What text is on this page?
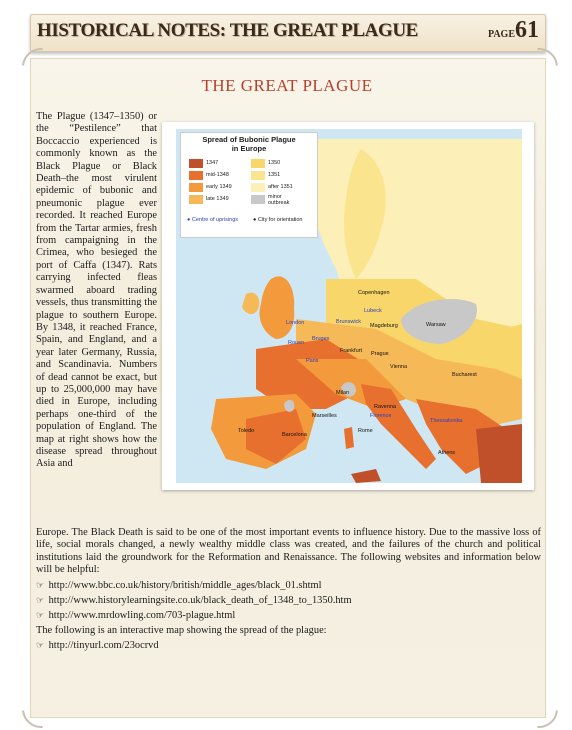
HISTORICAL NOTES: THE GREAT PLAGUE	PAGE61
THE GREAT PLAGUE
The Plague (1347–1350) or the “Pestilence” that Boccaccio experienced is commonly known as the Black Plague or Black Death–the most virulent epidemic of bubonic and pneumonic plague ever recorded. It reached Europe from the Tartar armies, fresh from campaigning in the Crimea, who besieged the port of Caffa (1347). Rats carrying infected fleas swarmed aboard trading vessels, thus transmitting the plague to southern Europe. By 1348, it reached France, Spain, and England, and a year later Germany, Russia, and Scandinavia. Numbers of dead cannot be exact, but up to 25,000,000 may have died in Europe, including perhaps one-third of the population of England. The map at right shows how the disease spread throughout Asia and
Spread of Bubonic Plague
in Europe
1347
mid-1348
early 1349
late 1349
1350
1351
after 1351
minor
outbreak
● Centre of uprisings	● City for orientation
Copenhagen
Lubeck
London	Brunswick
Magdeburg	Warsaw
Bruges
Rouen
Frankfurt Prague
Paris
Vienna
Bucharest
Milan
Ravenna
Marseilles	Florence
Toledo
Barcelona
Rome
Thessalonika
Athens
Europe. The Black Death is said to be one of the most important events to influence history. Due to the massive loss of life, social morals changed, a newly wealthy middle class was created, and the failures of the church and political institutions laid the groundwork for the Reformation and Renaissance. The following websites and information below will be helpful:
☞ http://www.bbc.co.uk/history/british/middle_ages/black_01.shtml
☞ http://www.historylearningsite.co.uk/black_death_of_1348_to_1350.htm
☞ http://www.mrdowling.com/703-plague.html
The following is an interactive map showing the spread of the plague:
☞ http://tinyurl.com/23ocrvd
